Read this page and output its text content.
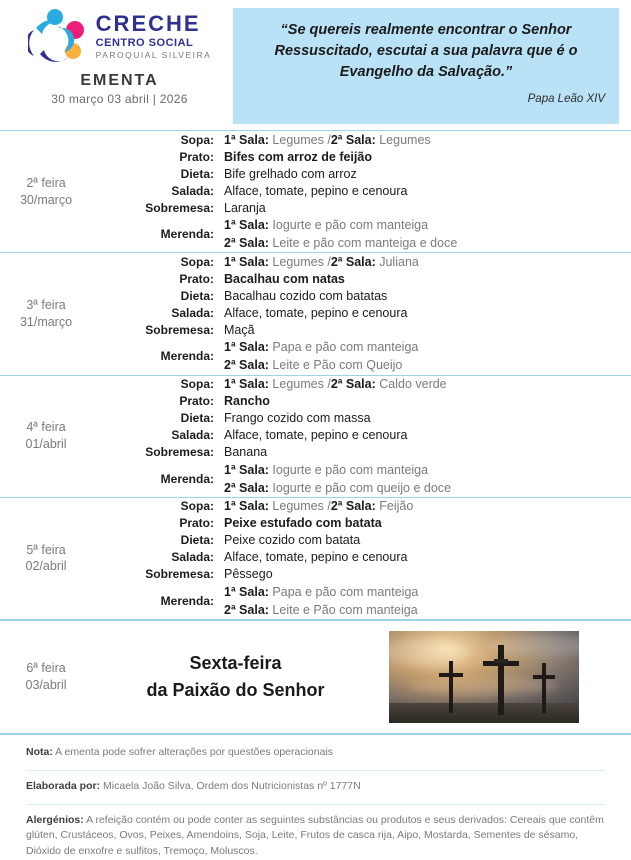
CRECHE
CENTRO SOCIAL
PAROQUIAL SILVEIRA
EMENTA
30 março 03 abril | 2026
“Se quereis realmente encontrar o Senhor Ressuscitado, escutai a sua palavra que é o Evangelho da Salvação.”
Papa Leão XIV
2ª feira
30/março
Sopa: 1ª Sala:
Legumes / 2ª Sala:
Legumes
Prato: Bifes com arroz de feijão
Dieta: Bife grelhado com arroz
Salada: Alface, tomate, pepino e cenoura
Sobremesa: Laranja
Merenda:
1ª Sala: Iogurte e pão com manteiga
2ª Sala: Leite e pão com manteiga e doce
3ª feira
31/março
Sopa: 1ª Sala:
Legumes / 2ª Sala:
Juliana
Prato: Bacalhau com natas
Dieta: Bacalhau cozido com batatas
Salada: Alface, tomate, pepino e cenoura
Sobremesa: Maçã
Merenda:
1ª Sala: Papa e pão com manteiga
2ª Sala: Leite e Pão com Queijo
4ª feira
01/abril
Sopa: 1ª Sala:
Legumes / 2ª Sala:
Caldo verde
Prato: Rancho
Dieta: Frango cozido com massa
Salada: Alface, tomate, pepino e cenoura
Sobremesa: Banana
Merenda:
1ª Sala: Iogurte e pão com manteiga
2ª Sala: Iogurte e pão com queijo e doce
5ª feira
02/abril
Sopa: 1ª Sala:
Legumes / 2ª Sala:
Feijão
Prato: Peixe estufado com batata
Dieta: Peixe cozido com batata
Salada: Alface, tomate, pepino e cenoura
Sobremesa: Pêssego
Merenda:
1ª Sala: Papa e pão com manteiga
2ª Sala: Leite e Pão com manteiga
6ª feira
03/abril
Sexta-feira
da Paixão do Senhor

Nota: A ementa pode sofrer alterações por questões operacionais

Elaborada por: Micaela João Silva, Ordem dos Nutricionistas nº 1777N

Alergénios: A refeição contém ou pode conter as seguintes substâncias ou produtos e seus derivados: Cereais que contêm glúten, Crustáceos, Ovos, Peixes, Amendoins, Soja, Leite, Frutos de casca rija, Aipo, Mostarda, Sementes de sésamo, Dióxido de enxofre e sulfitos, Tremoço, Moluscos.
